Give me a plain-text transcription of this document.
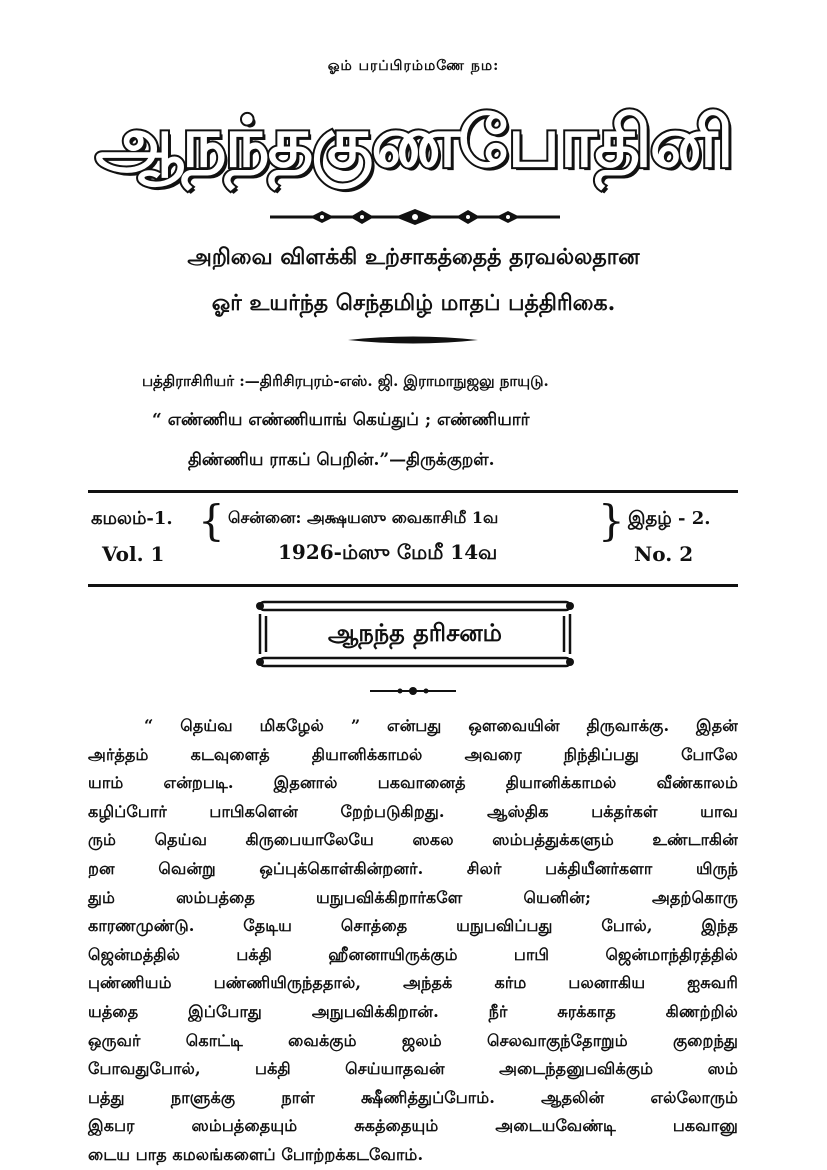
ஓம் பரப்பிரம்மணே நம:
ஆநந்தகுணபோதினி
அறிவை விளக்கி உற்சாகத்தைத் தரவல்லதான
ஓர் உயர்ந்த செந்தமிழ் மாதப் பத்திரிகை.
பத்திராசிரியர் :—திரிசிரபுரம்-எஸ். ஜி. இராமாநுஜலு நாயுடு.
“ எண்ணிய எண்ணியாங் கெய்துப் ; எண்ணியார்
திண்ணிய ராகப் பெறின்.”—திருக்குறள்.
கமலம்-1.
Vol. 1
{ சென்னை: அக்ஷயஸு வைகாசிமீ 1வ
1926-ம்ஸு மேமீ 14வ
} இதழ் - 2.
No. 2
ஆநந்த தரிசனம்
“ தெய்வ மிகழேல் ” என்பது ஒளவையின் திருவாக்கு. இதன்
அர்த்தம் கடவுளைத் தியானிக்காமல் அவரை நிந்திப்பது போலே
யாம் என்றபடி. இதனால் பகவானைத் தியானிக்காமல் வீண்காலம்
கழிப்போர் பாபிகளென் றேற்படுகிறது. ஆஸ்திக பக்தர்கள் யாவ
ரும் தெய்வ கிருபையாலேயே ஸகல ஸம்பத்துக்களும் உண்டாகின்
றன வென்று ஒப்புக்கொள்கின்றனர். சிலர் பக்தியீனர்களா யிருந்
தும் ஸம்பத்தை யநுபவிக்கிறார்களே யெனின்; அதற்கொரு
காரணமுண்டு. தேடிய சொத்தை யநுபவிப்பது போல், இந்த
ஜென்மத்தில் பக்தி ஹீனனாயிருக்கும் பாபி ஜென்மாந்திரத்தில்
புண்ணியம் பண்ணியிருந்ததால், அந்தக் கர்ம பலனாகிய ஐசுவரி
யத்தை இப்போது அநுபவிக்கிறான். நீர் சுரக்காத கிணற்றில்
ஒருவர் கொட்டி வைக்கும் ஜலம் செலவாகுந்தோறும் குறைந்து
போவதுபோல், பக்தி செய்யாதவன் அடைந்தனுபவிக்கும் ஸம்
பத்து நாளுக்கு நாள் க்ஷீணித்துப்போம். ஆதலின் எல்லோரும்
இகபர ஸம்பத்தையும் சுகத்தையும் அடையவேண்டி பகவானு
டைய பாத கமலங்களைப் போற்றக்கடவோம்.
